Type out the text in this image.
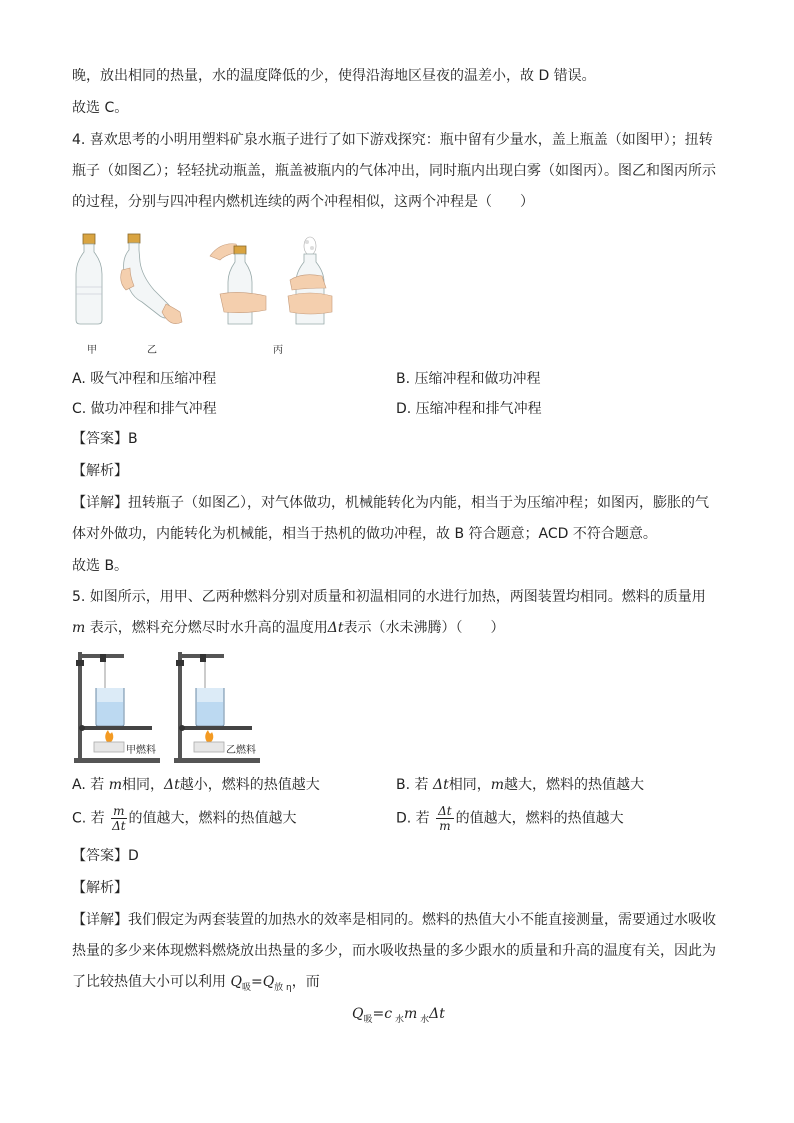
晚，放出相同的热量，水的温度降低的少，使得沿海地区昼夜的温差小，故 D 错误。
故选 C。
4. 喜欢思考的小明用塑料矿泉水瓶子进行了如下游戏探究：瓶中留有少量水，盖上瓶盖（如图甲）；扭转
瓶子（如图乙）；轻轻扰动瓶盖，瓶盖被瓶内的气体冲出，同时瓶内出现白雾（如图丙）。图乙和图丙所示
的过程，分别与四冲程内燃机连续的两个冲程相似，这两个冲程是（　　）
甲	乙	丙
A. 吸气冲程和压缩冲程	B. 压缩冲程和做功冲程
C. 做功冲程和排气冲程	D. 压缩冲程和排气冲程
【答案】B
【解析】
【详解】扭转瓶子（如图乙），对气体做功，机械能转化为内能，相当于为压缩冲程；如图丙，膨胀的气
体对外做功，内能转化为机械能，相当于热机的做功冲程，故 B 符合题意；ACD 不符合题意。
故选 B。
5. 如图所示，用甲、乙两种燃料分别对质量和初温相同的水进行加热，两图装置均相同。燃料的质量用
m 表示，燃料充分燃尽时水升高的温度用Δt表示（水未沸腾）（　　）
甲燃料	乙燃料
A. 若 m相同，Δt越小，燃料的热值越大	B. 若 Δt相同，m越大，燃料的热值越大
C. 若 $\frac{m}{\Delta t}$ 的值越大，燃料的热值越大	D. 若 $\frac{\Delta t}{m}$ 的值越大，燃料的热值越大
【答案】D
【解析】
【详解】我们假定为两套装置的加热水的效率是相同的。燃料的热值大小不能直接测量，需要通过水吸收
热量的多少来体现燃料燃烧放出热量的多少，而水吸收热量的多少跟水的质量和升高的温度有关，因此为
了比较热值大小可以利用 $Q_吸=Q_{放 \eta}$，而
$Q_吸=c$ $_水$m $_水$Δt
